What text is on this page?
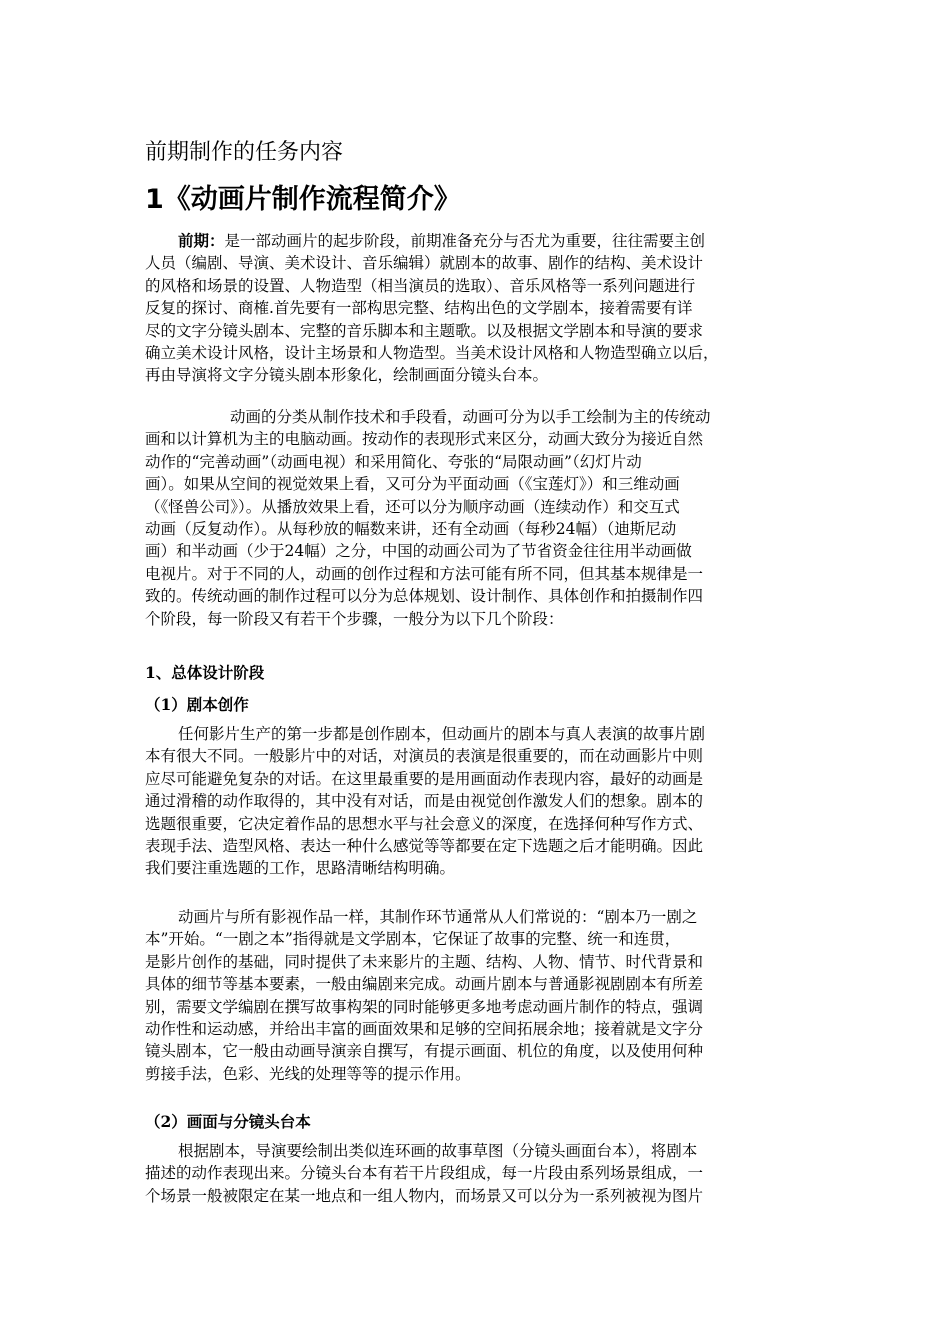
前期制作的任务内容
1《动画片制作流程简介》
前期：是一部动画片的起步阶段，前期准备充分与否尤为重要，往往需要主创
人员（编剧、导演、美术设计、音乐编辑）就剧本的故事、剧作的结构、美术设计
的风格和场景的设置、人物造型（相当演员的选取）、音乐风格等一系列问题进行
反复的探讨、商榷.首先要有一部构思完整、结构出色的文学剧本，接着需要有详
尽的文字分镜头剧本、完整的音乐脚本和主题歌。以及根据文学剧本和导演的要求
确立美术设计风格，设计主场景和人物造型。当美术设计风格和人物造型确立以后，
再由导演将文字分镜头剧本形象化，绘制画面分镜头台本。
动画的分类从制作技术和手段看，动画可分为以手工绘制为主的传统动
画和以计算机为主的电脑动画。按动作的表现形式来区分，动画大致分为接近自然
动作的“完善动画”（动画电视）和采用简化、夸张的“局限动画”（幻灯片动
画）。如果从空间的视觉效果上看，又可分为平面动画（《宝莲灯》）和三维动画
（《怪兽公司》）。从播放效果上看，还可以分为顺序动画（连续动作）和交互式
动画（反复动作）。从每秒放的幅数来讲，还有全动画（每秒24幅）（迪斯尼动
画）和半动画（少于24幅）之分，中国的动画公司为了节省资金往往用半动画做
电视片。对于不同的人，动画的创作过程和方法可能有所不同，但其基本规律是一
致的。传统动画的制作过程可以分为总体规划、设计制作、具体创作和拍摄制作四
个阶段，每一阶段又有若干个步骤，一般分为以下几个阶段：
1、总体设计阶段
（1）剧本创作
任何影片生产的第一步都是创作剧本，但动画片的剧本与真人表演的故事片剧
本有很大不同。一般影片中的对话，对演员的表演是很重要的，而在动画影片中则
应尽可能避免复杂的对话。在这里最重要的是用画面动作表现内容，最好的动画是
通过滑稽的动作取得的，其中没有对话，而是由视觉创作激发人们的想象。剧本的
选题很重要，它决定着作品的思想水平与社会意义的深度，在选择何种写作方式、
表现手法、造型风格、表达一种什么感觉等等都要在定下选题之后才能明确。因此
我们要注重选题的工作，思路清晰结构明确。
动画片与所有影视作品一样，其制作环节通常从人们常说的：“剧本乃一剧之
本”开始。“一剧之本”指得就是文学剧本，它保证了故事的完整、统一和连贯，
是影片创作的基础，同时提供了未来影片的主题、结构、人物、情节、时代背景和
具体的细节等基本要素，一般由编剧来完成。动画片剧本与普通影视剧剧本有所差
别，需要文学编剧在撰写故事构架的同时能够更多地考虑动画片制作的特点，强调
动作性和运动感，并给出丰富的画面效果和足够的空间拓展余地；接着就是文字分
镜头剧本，它一般由动画导演亲自撰写，有提示画面、机位的角度，以及使用何种
剪接手法，色彩、光线的处理等等的提示作用。
（2）画面与分镜头台本
根据剧本，导演要绘制出类似连环画的故事草图（分镜头画面台本），将剧本
描述的动作表现出来。分镜头台本有若干片段组成，每一片段由系列场景组成，一
个场景一般被限定在某一地点和一组人物内，而场景又可以分为一系列被视为图片
